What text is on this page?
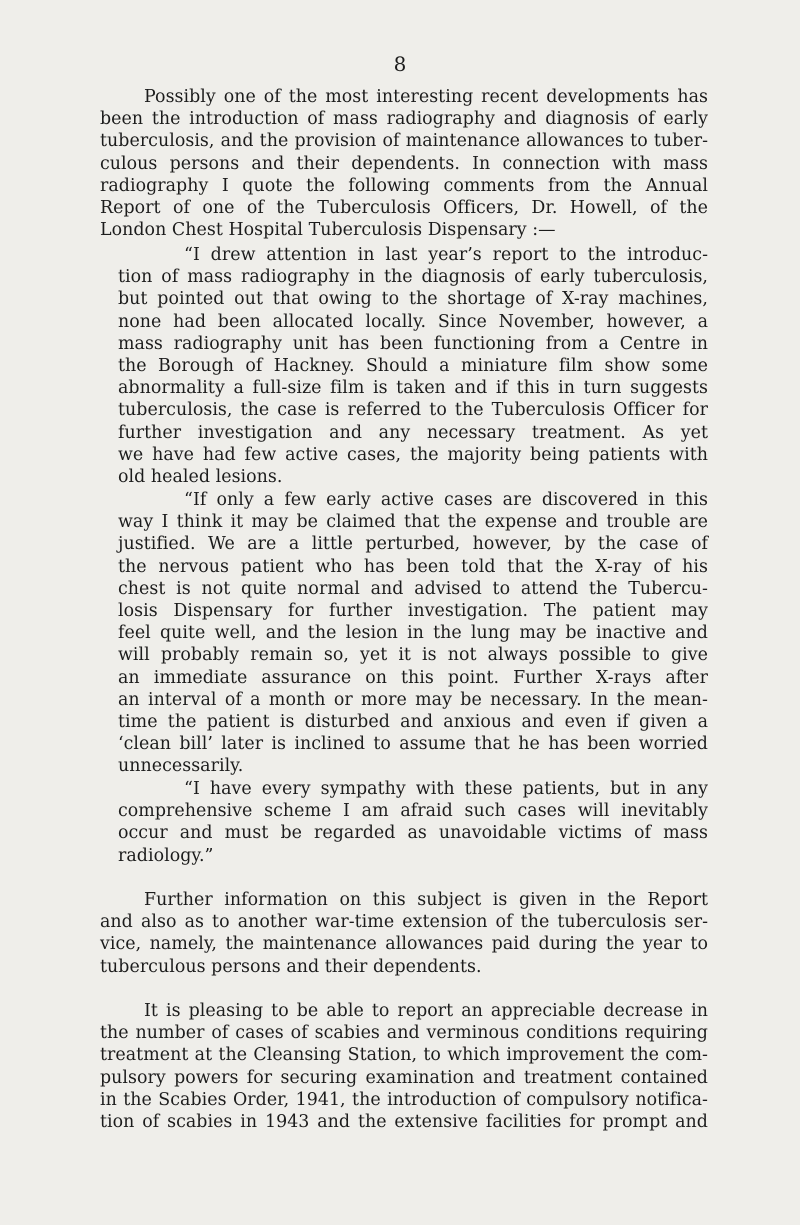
8
Possibly one of the most interesting recent developments has
been the introduction of mass radiography and diagnosis of early
tuberculosis, and the provision of maintenance allowances to tuber-
culous persons and their dependents. In connection with mass
radiography I quote the following comments from the Annual
Report of one of the Tuberculosis Officers, Dr. Howell, of the
London Chest Hospital Tuberculosis Dispensary :—
“I drew attention in last year’s report to the introduc-
tion of mass radiography in the diagnosis of early tuberculosis,
but pointed out that owing to the shortage of X-ray machines,
none had been allocated locally. Since November, however, a
mass radiography unit has been functioning from a Centre in
the Borough of Hackney. Should a miniature film show some
abnormality a full-size film is taken and if this in turn suggests
tuberculosis, the case is referred to the Tuberculosis Officer for
further investigation and any necessary treatment. As yet
we have had few active cases, the majority being patients with
old healed lesions.
“If only a few early active cases are discovered in this
way I think it may be claimed that the expense and trouble are
justified. We are a little perturbed, however, by the case of
the nervous patient who has been told that the X-ray of his
chest is not quite normal and advised to attend the Tubercu-
losis Dispensary for further investigation. The patient may
feel quite well, and the lesion in the lung may be inactive and
will probably remain so, yet it is not always possible to give
an immediate assurance on this point. Further X-rays after
an interval of a month or more may be necessary. In the mean-
time the patient is disturbed and anxious and even if given a
‘clean bill’ later is inclined to assume that he has been worried
unnecessarily.
“I have every sympathy with these patients, but in any
comprehensive scheme I am afraid such cases will inevitably
occur and must be regarded as unavoidable victims of mass
radiology.”
Further information on this subject is given in the Report
and also as to another war-time extension of the tuberculosis ser-
vice, namely, the maintenance allowances paid during the year to
tuberculous persons and their dependents.
It is pleasing to be able to report an appreciable decrease in
the number of cases of scabies and verminous conditions requiring
treatment at the Cleansing Station, to which improvement the com-
pulsory powers for securing examination and treatment contained
in the Scabies Order, 1941, the introduction of compulsory notifica-
tion of scabies in 1943 and the extensive facilities for prompt and
